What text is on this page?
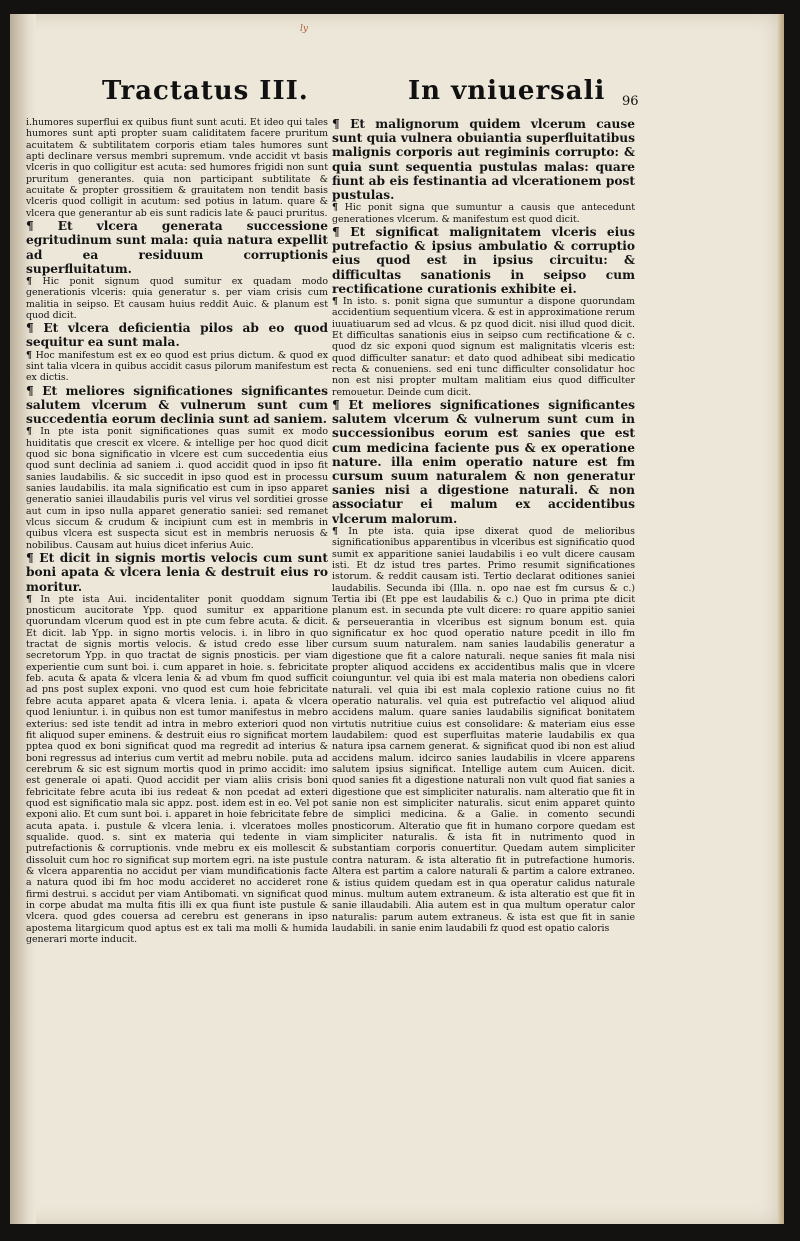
ly
Tractatus III.	In vniuersali 96

i.humores superflui ex quibus fiunt sunt acuti. Et ideo qui tales humores sunt apti propter suam caliditatem facere pruritum acuitatem & subtilitatem corporis etiam tales humores sunt apti declinare versus membri supremum. vnde accidit vt basis vlceris in quo colligitur est acuta: sed humores frigidi non sunt pruritum generantes. quia non participant subtilitate & acuitate & propter grossitiem & grauitatem non tendit basis vlceris quod colligit in acutum: sed potius in latum. quare & vlcera que generantur ab eis sunt radicis late & pauci pruritus.

¶ Et vlcera generata successione egritudinum sunt mala: quia natura expellit ad ea residuum corruptionis superfluitatum.

¶ Hic ponit signum quod sumitur ex quadam modo generationis vlceris: quia generatur s. per viam crisis cum malitia in seipso. Et causam huius reddit Auic. & planum est quod dicit.

¶ Et vlcera deficientia pilos ab eo quod sequitur ea sunt mala.

¶ Hoc manifestum est ex eo quod est prius dictum. & quod ex sint talia vlcera in quibus accidit casus pilorum manifestum est ex dictis.

¶ Et meliores significationes significantes salutem vlcerum & vulnerum sunt cum succedentia eorum declinia sunt ad saniem.

¶ In pte ista ponit significationes quas sumit ex modo huiditatis que crescit ex vlcere. & intellige per hoc quod dicit quod sic bona significatio in vlcere est cum succedentia eius quod sunt declinia ad saniem .i. quod accidit quod in ipso fit sanies laudabilis. & sic succedit in ipso quod est in processu sanies laudabilis. ita mala significatio est cum in ipso apparet generatio saniei illaudabilis puris vel virus vel sorditiei grosse aut cum in ipso nulla apparet generatio saniei: sed remanet vlcus siccum & crudum & incipiunt cum est in membris in quibus vlcera est suspecta sicut est in membris neruosis & nobilibus. Causam aut huius dicet inferius Auic.

¶ Et dicit in signis mortis velocis cum sunt boni apata & vlcera lenia & destruit eius ro moritur.

¶ In pte ista Aui. incidentaliter ponit quoddam signum pnosticum aucitorate Ypp. quod sumitur ex apparitione quorundam vlcerum quod est in pte cum febre acuta. & dicit. Et dicit. lab Ypp. in signo mortis velocis. i. in libro in quo tractat de signis mortis velocis. & istud credo esse liber secretorum Ypp. in quo tractat de signis pnosticis. per viam experientie cum sunt boi. i. cum apparet in hoie. s. febricitate feb. acuta & apata & vlcera lenia & ad vbum fm quod sufficit ad pns post suplex exponi. vno quod est cum hoie febricitate febre acuta apparet apata & vlcera lenia. i. apata & vlcera quod leniuntur. i. in quibus non est tumor manifestus in mebro exterius: sed iste tendit ad intra in mebro exteriori quod non fit aliquod super eminens. & destruit eius ro significat mortem pptea quod ex boni significat quod ma regredit ad interius & boni regressus ad interius cum vertit ad mebru nobile. puta ad cerebrum & sic est signum mortis quod in primo accidit: imo est generale oi apati. Quod accidit per viam aliis crisis boni febricitate febre acuta ibi ius redeat & non pcedat ad exteri quod est significatio mala sic appz. post. idem est in eo. Vel pot exponi alio. Et cum sunt boi. i. apparet in hoie febricitate febre acuta apata. i. pustule & vlcera lenia. i. vlceratoes molles squalide. quod. s. sint ex materia qui tedente in viam putrefactionis & corruptionis. vnde mebru ex eis mollescit & dissoluit cum hoc ro significat sup mortem egri. na iste pustule & vlcera apparentia no accidut per viam mundificationis facte a natura quod ibi fm hoc modu accideret no accideret rone firmi destrui. s accidut per viam Antibomati. vn significat quod in corpe abudat ma multa fitis illi ex qua fiunt iste pustule & vlcera. quod gdes couersa ad cerebru est generans in ipso apostema litargicum quod aptus est ex tali ma molli & humida generari morte inducit.

¶ Et malignorum quidem vlcerum cause sunt quia vulnera obuiantia superfluitatibus malignis corporis aut regiminis corrupto: & quia sunt sequentia pustulas malas: quare fiunt ab eis festinantia ad vlcerationem post pustulas.

¶ Hic ponit signa que sumuntur a causis que antecedunt generationes vlcerum. & manifestum est quod dicit.

¶ Et significat malignitatem vlceris eius putrefactio & ipsius ambulatio & corruptio eius quod est in ipsius circuitu: & difficultas sanationis in seipso cum rectificatione curationis exhibite ei.

¶ In isto. s. ponit signa que sumuntur a dispone quorundam accidentium sequentium vlcera. & est in approximatione rerum iuuatiuarum sed ad vlcus. & pz quod dicit. nisi illud quod dicit. Et difficultas sanationis eius in seipso cum rectificatione & c. quod dz sic exponi quod signum est malignitatis vlceris est: quod difficulter sanatur: et dato quod adhibeat sibi medicatio recta & conueniens. sed eni tunc difficulter consolidatur hoc non est nisi propter multam malitiam eius quod difficulter remouetur. Deinde cum dicit.

¶ Et meliores significationes significantes salutem vlcerum & vulnerum sunt cum in successionibus eorum est sanies que est cum medicina faciente pus & ex operatione nature. illa enim operatio nature est fm cursum suum naturalem & non generatur sanies nisi a digestione naturali. & non associatur ei malum ex accidentibus vlcerum malorum.

¶ In pte ista. quia ipse dixerat quod de melioribus significationibus apparentibus in vlceribus est significatio quod sumit ex apparitione saniei laudabilis i eo vult dicere causam isti. Et dz istud tres partes. Primo resumit significationes istorum. & reddit causam isti. Tertio declarat oditiones saniei laudabilis. Secunda ibi (Illa. n. opo nae est fm cursus & c.) Tertia ibi (Et ppe est laudabilis & c.) Quo in prima pte dicit planum est. in secunda pte vult dicere: ro quare appitio saniei & perseuerantia in vlceribus est signum bonum est. quia significatur ex hoc quod operatio nature pcedit in illo fm cursum suum naturalem. nam sanies laudabilis generatur a digestione que fit a calore naturali. neque sanies fit mala nisi propter aliquod accidens ex accidentibus malis que in vlcere coiunguntur. vel quia ibi est mala materia non obediens calori naturali. vel quia ibi est mala coplexio ratione cuius no fit operatio naturalis. vel quia est putrefactio vel aliquod aliud accidens malum. quare sanies laudabilis significat bonitatem virtutis nutritiue cuius est consolidare: & materiam eius esse laudabilem: quod est superfluitas materie laudabilis ex qua natura ipsa carnem generat. & significat quod ibi non est aliud accidens malum. idcirco sanies laudabilis in vlcere apparens salutem ipsius significat. Intellige autem cum Auicen. dicit. quod sanies fit a digestione naturali non vult quod fiat sanies a digestione que est simpliciter naturalis. nam alteratio que fit in sanie non est simpliciter naturalis. sicut enim apparet quinto de simplici medicina. & a Galie. in comento secundi pnosticorum. Alteratio que fit in humano corpore quedam est simpliciter naturalis. & ista fit in nutrimento quod in substantiam corporis conuertitur. Quedam autem simpliciter contra naturam. & ista alteratio fit in putrefactione humoris. Altera est partim a calore naturali & partim a calore extraneo. & istius quidem quedam est in qua operatur calidus naturale minus. multum autem extraneum. & ista alteratio est que fit in sanie illaudabili. Alia autem est in qua multum operatur calor naturalis: parum autem extraneus. & ista est que fit in sanie laudabili. in sanie enim laudabili fz quod est opatio caloris
